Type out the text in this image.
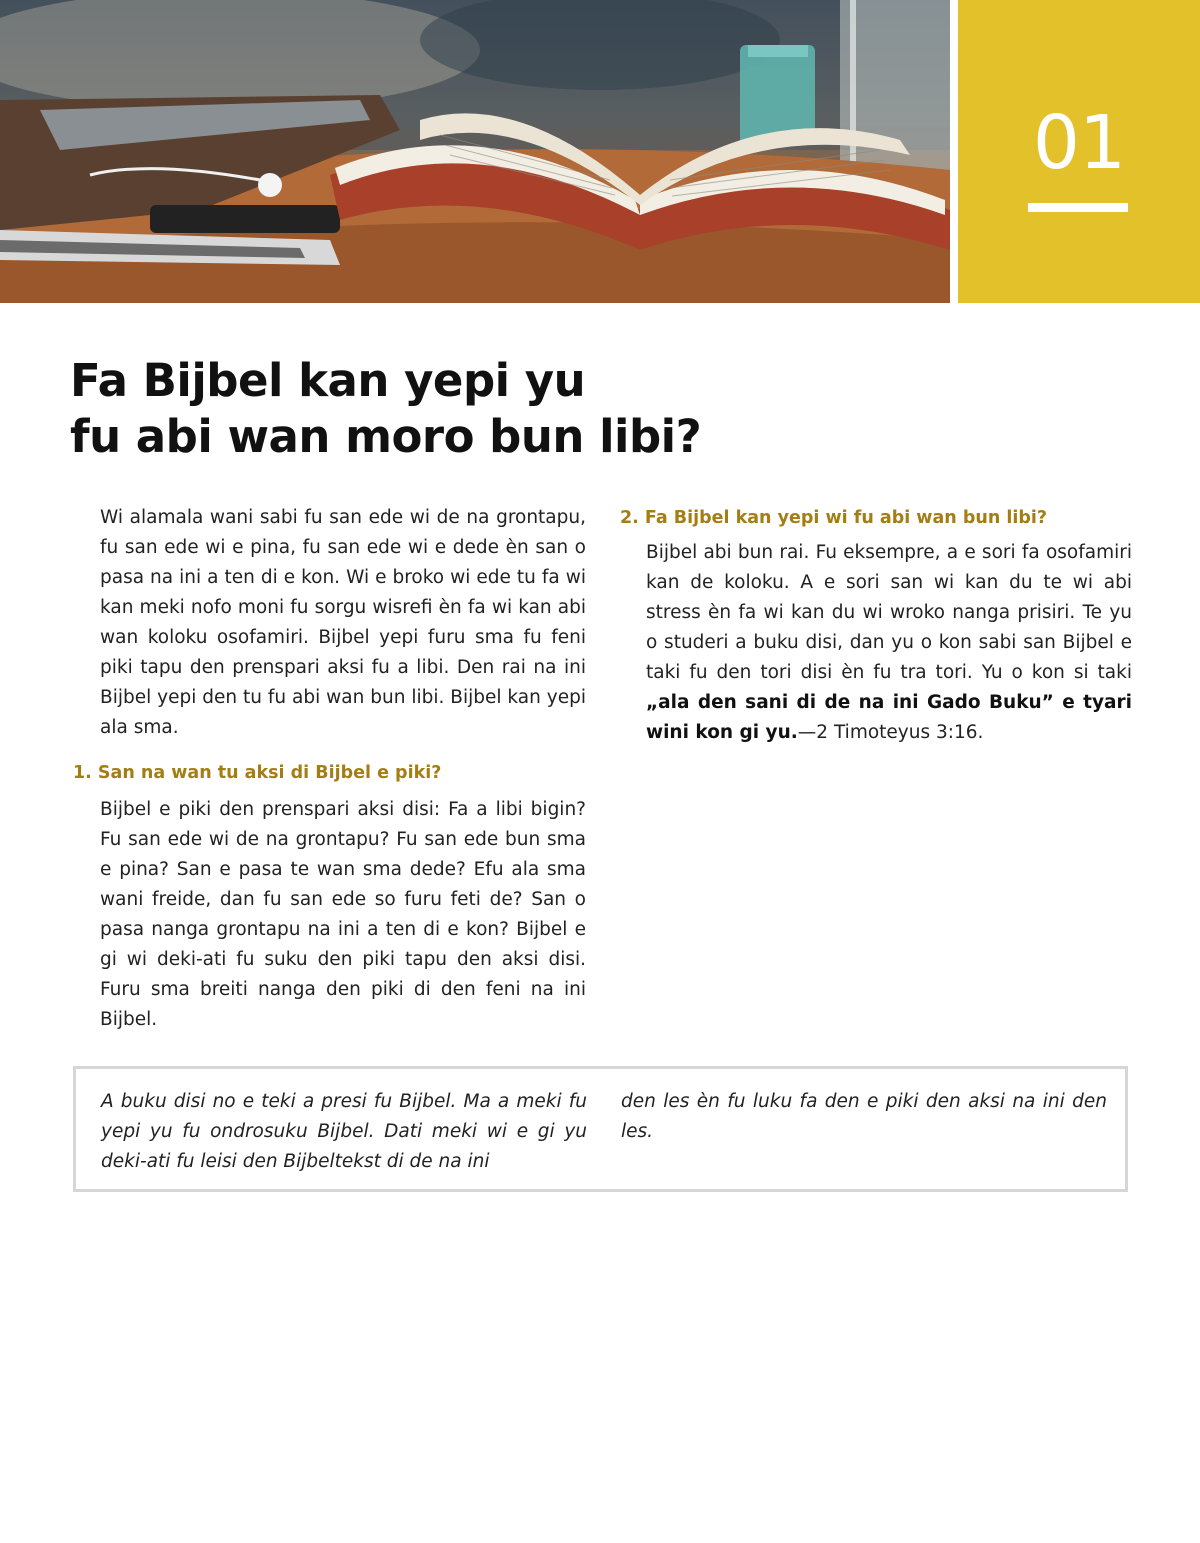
01
Fa Bijbel kan yepi yu
fu abi wan moro bun libi?

Wi alamala wani sabi fu san ede wi de na grontapu, fu san ede wi e pina, fu san ede wi e dede èn san o pasa na ini a ten di e kon. Wi e broko wi ede tu fa wi kan meki nofo moni fu sorgu wisrefi èn fa wi kan abi wan koloku osofamiri. Bijbel yepi furu sma fu feni piki tapu den prenspari aksi fu a libi. Den rai na ini Bijbel yepi den tu fu abi wan bun libi. Bijbel kan yepi ala sma.

1. San na wan tu aksi di Bijbel e piki?

Bijbel e piki den prenspari aksi disi: Fa a libi bigin? Fu san ede wi de na grontapu? Fu san ede bun sma e pina? San e pasa te wan sma dede? Efu ala sma wani freide, dan fu san ede so furu feti de? San o pasa nanga grontapu na ini a ten di e kon? Bijbel e gi wi deki-ati fu suku den piki tapu den aksi disi. Furu sma breiti nanga den piki di den feni na ini Bijbel.

2. Fa Bijbel kan yepi wi fu abi wan bun libi?

Bijbel abi bun rai. Fu eksempre, a e sori fa osofamiri kan de koloku. A e sori san wi kan du te wi abi stress èn fa wi kan du wi wroko nanga prisiri. Te yu o studeri a buku disi, dan yu o kon sabi san Bijbel e taki fu den tori disi èn fu tra tori. Yu o kon si taki „ala den sani di de na ini Gado Buku” e tyari wini kon gi yu.—2 Timoteyus 3:16.

A buku disi no e teki a presi fu Bijbel. Ma a meki fu yepi yu fu ondrosuku Bijbel. Dati meki wi e gi yu deki-ati fu leisi den Bijbeltekst di de na ini
den les èn fu luku fa den e piki den aksi na ini den les.
